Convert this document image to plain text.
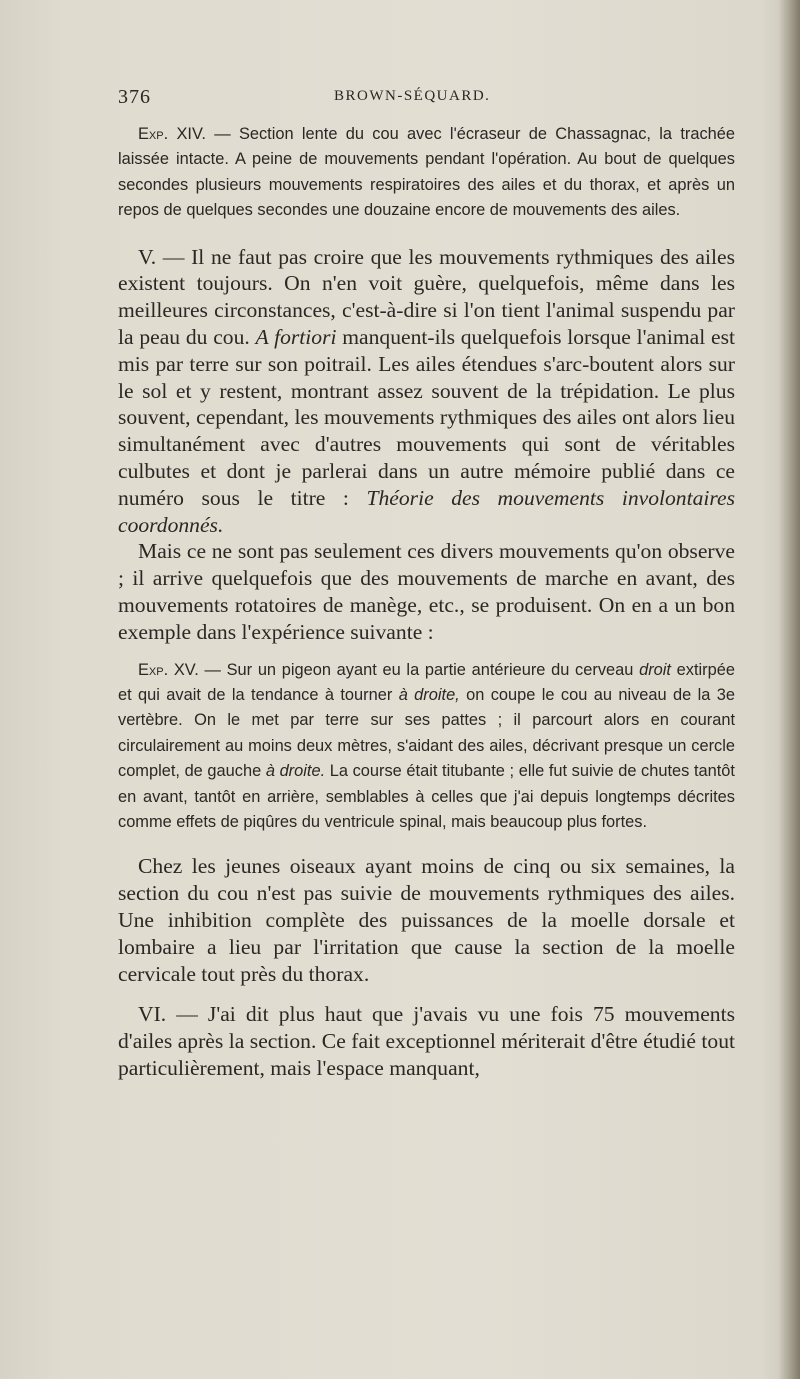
376	BROWN-SÉQUARD.

Exp. XIV. — Section lente du cou avec l'écraseur de Chassagnac, la trachée laissée intacte. A peine de mouvements pendant l'opération. Au bout de quelques secondes plusieurs mouvements respiratoires des ailes et du thorax, et après un repos de quelques secondes une douzaine encore de mouvements des ailes.

V. — Il ne faut pas croire que les mouvements rythmiques des ailes existent toujours. On n'en voit guère, quelquefois, même dans les meilleures circonstances, c'est-à-dire si l'on tient l'animal suspendu par la peau du cou. A fortiori manquent-ils quelquefois lorsque l'animal est mis par terre sur son poitrail. Les ailes étendues s'arc-boutent alors sur le sol et y restent, montrant assez souvent de la trépidation. Le plus souvent, cependant, les mouvements rythmiques des ailes ont alors lieu simultanément avec d'autres mouvements qui sont de véritables culbutes et dont je parlerai dans un autre mémoire publié dans ce numéro sous le titre : Théorie des mouvements involontaires coordonnés.
Mais ce ne sont pas seulement ces divers mouvements qu'on observe ; il arrive quelquefois que des mouvements de marche en avant, des mouvements rotatoires de manège, etc., se produisent. On en a un bon exemple dans l'expérience suivante :

Exp. XV. — Sur un pigeon ayant eu la partie antérieure du cerveau droit extirpée et qui avait de la tendance à tourner à droite, on coupe le cou au niveau de la 3e vertèbre. On le met par terre sur ses pattes ; il parcourt alors en courant circulairement au moins deux mètres, s'aidant des ailes, décrivant presque un cercle complet, de gauche à droite. La course était titubante ; elle fut suivie de chutes tantôt en avant, tantôt en arrière, semblables à celles que j'ai depuis longtemps décrites comme effets de piqûres du ventricule spinal, mais beaucoup plus fortes.

Chez les jeunes oiseaux ayant moins de cinq ou six semaines, la section du cou n'est pas suivie de mouvements rythmiques des ailes. Une inhibition complète des puissances de la moelle dorsale et lombaire a lieu par l'irritation que cause la section de la moelle cervicale tout près du thorax.

VI. — J'ai dit plus haut que j'avais vu une fois 75 mouvements d'ailes après la section. Ce fait exceptionnel mériterait d'être étudié tout particulièrement, mais l'espace manquant,
